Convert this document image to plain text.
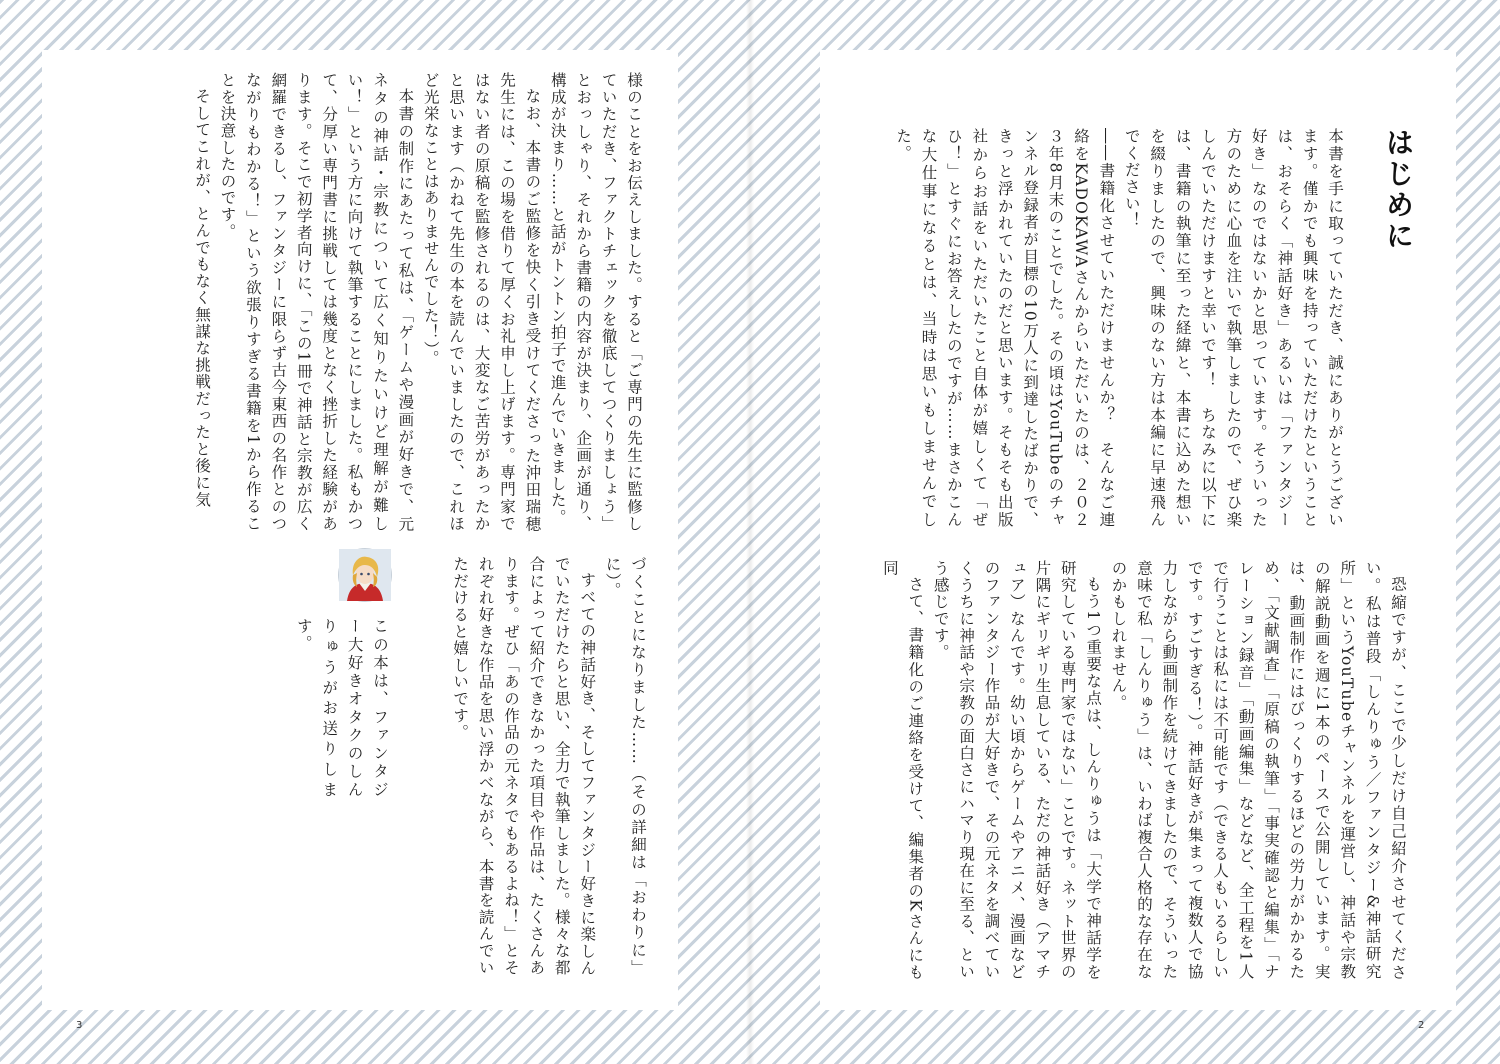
はじめに

本書を手に取っていただき、誠にありがとうございます。僅かでも興味を持っていただけたということは、おそらく「神話好き」あるいは「ファンタジー好き」なのではないかと思っています。そういった方のために心血を注いで執筆しましたので、ぜひ楽しんでいただけますと幸いです！　ちなみに以下には、書籍の執筆に至った経緯と、本書に込めた想いを綴りましたので、興味のない方は本編に早速飛んでください！

――書籍化させていただけませんか？　そんなご連絡をKADOKAWAさんからいただいたのは、２０２３年8月末のことでした。その頃はYouTubeのチャンネル登録者が目標の10万人に到達したばかりで、きっと浮かれていたのだと思います。そもそも出版社からお話をいただいたこと自体が嬉しくて「ぜひ！」とすぐにお答えしたのですが……まさかこんな大仕事になるとは、当時は思いもしませんでした。

恐縮ですが、ここで少しだけ自己紹介させてください。私は普段「しんりゅう／ファンタジー&神話研究所」というYouTubeチャンネルを運営し、神話や宗教の解説動画を週に1本のペースで公開しています。実は、動画制作にはびっくりするほどの労力がかかるため、「文献調査」「原稿の執筆」「事実確認と編集」「ナレーション録音」「動画編集」などなど、全工程を1人で行うことは私には不可能です（できる人もいるらしいです。すごすぎる！）。神話好きが集まって複数人で協力しながら動画制作を続けてきましたので、そういった意味で私「しんりゅう」は、いわば複合人格的な存在なのかもしれません。

もう1つ重要な点は、しんりゅうは「大学で神話学を研究している専門家ではない」ことです。ネット世界の片隅にギリギリ生息している、ただの神話好き（アマチュア）なんです。幼い頃からゲームやアニメ、漫画などのファンタジー作品が大好きで、その元ネタを調べていくうちに神話や宗教の面白さにハマり現在に至る、という感じです。

さて、書籍化のご連絡を受けて、編集者のKさんにも同

2

様のことをお伝えしました。すると「ご専門の先生に監修していただき、ファクトチェックを徹底してつくりましょう」とおっしゃり、それから書籍の内容が決まり、企画が通り、構成が決まり……と話がトントン拍子で進んでいきました。

なお、本書のご監修を快く引き受けてくださった沖田瑞穂先生には、この場を借りて厚くお礼申し上げます。専門家ではない者の原稿を監修されるのは、大変なご苦労があったかと思います（かねて先生の本を読んでいましたので、これほど光栄なことはありませんでした！）。

本書の制作にあたって私は、「ゲームや漫画が好きで、元ネタの神話・宗教について広く知りたいけど理解が難しい！」という方に向けて執筆することにしました。私もかつて、分厚い専門書に挑戦しては幾度となく挫折した経験があります。そこで初学者向けに、「この1冊で神話と宗教が広く網羅できるし、ファンタジーに限らず古今東西の名作とのつながりもわかる！」という欲張りすぎる書籍を1から作ることを決意したのです。

そしてこれが、とんでもなく無謀な挑戦だったと後に気

づくことになりました……（その詳細は「おわりに」に）。

すべての神話好き、そしてファンタジー好きに楽しんでいただけたらと思い、全力で執筆しました。様々な都合によって紹介できなかった項目や作品は、たくさんあります。ぜひ「あの作品の元ネタでもあるよね！」とそれぞれ好きな作品を思い浮かべながら、本書を読んでいただけると嬉しいです。

この本は、ファンタジー大好きオタクのしんりゅうがお送りします。

3
